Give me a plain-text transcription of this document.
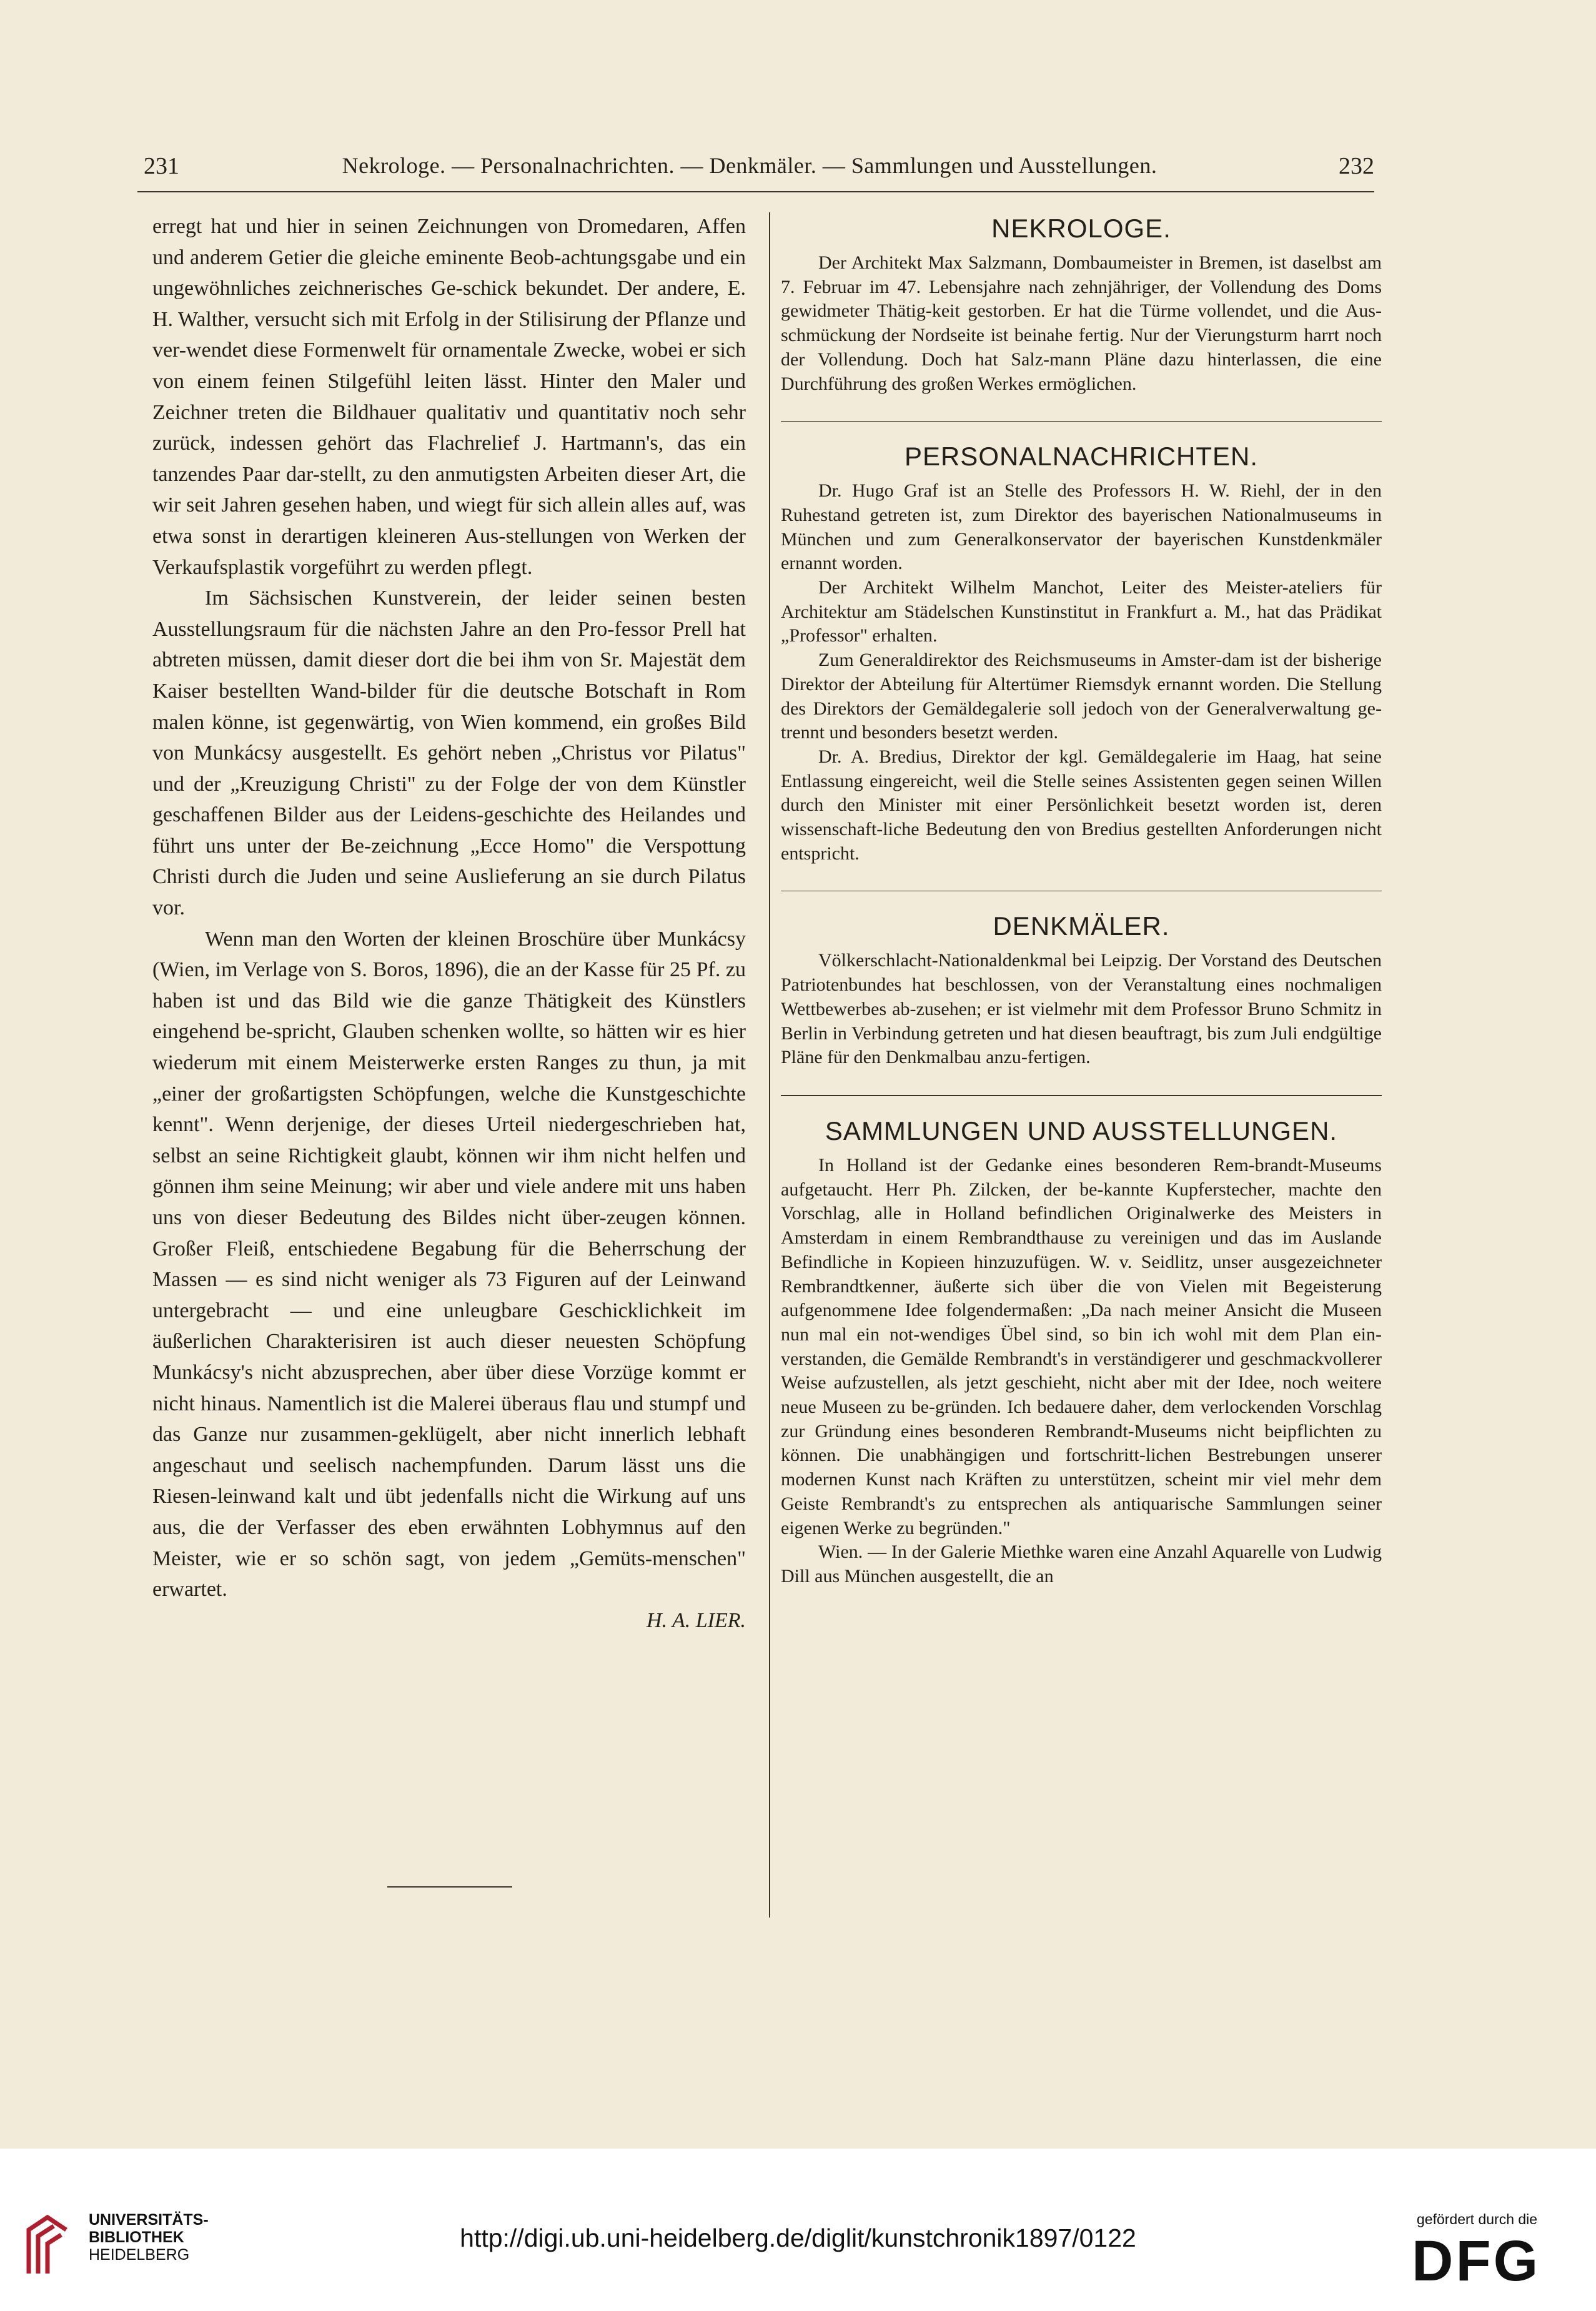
231	Nekrologe. — Personalnachrichten. — Denkmäler. — Sammlungen und Ausstellungen.	232

erregt hat und hier in seinen Zeichnungen von Dromedaren, Affen und anderem Getier die gleiche eminente Beob-achtungsgabe und ein ungewöhnliches zeichnerisches Ge-schick bekundet. Der andere, E. H. Walther, versucht sich mit Erfolg in der Stilisirung der Pflanze und ver-wendet diese Formenwelt für ornamentale Zwecke, wobei er sich von einem feinen Stilgefühl leiten lässt. Hinter den Maler und Zeichner treten die Bildhauer qualitativ und quantitativ noch sehr zurück, indessen gehört das Flachrelief J. Hartmann's, das ein tanzendes Paar dar-stellt, zu den anmutigsten Arbeiten dieser Art, die wir seit Jahren gesehen haben, und wiegt für sich allein alles auf, was etwa sonst in derartigen kleineren Aus-stellungen von Werken der Verkaufsplastik vorgeführt zu werden pflegt.

Im Sächsischen Kunstverein, der leider seinen besten Ausstellungsraum für die nächsten Jahre an den Pro-fessor Prell hat abtreten müssen, damit dieser dort die bei ihm von Sr. Majestät dem Kaiser bestellten Wand-bilder für die deutsche Botschaft in Rom malen könne, ist gegenwärtig, von Wien kommend, ein großes Bild von Munkácsy ausgestellt. Es gehört neben „Christus vor Pilatus" und der „Kreuzigung Christi" zu der Folge der von dem Künstler geschaffenen Bilder aus der Leidens-geschichte des Heilandes und führt uns unter der Be-zeichnung „Ecce Homo" die Verspottung Christi durch die Juden und seine Auslieferung an sie durch Pilatus vor.

Wenn man den Worten der kleinen Broschüre über Munkácsy (Wien, im Verlage von S. Boros, 1896), die an der Kasse für 25 Pf. zu haben ist und das Bild wie die ganze Thätigkeit des Künstlers eingehend be-spricht, Glauben schenken wollte, so hätten wir es hier wiederum mit einem Meisterwerke ersten Ranges zu thun, ja mit „einer der großartigsten Schöpfungen, welche die Kunstgeschichte kennt". Wenn derjenige, der dieses Urteil niedergeschrieben hat, selbst an seine Richtigkeit glaubt, können wir ihm nicht helfen und gönnen ihm seine Meinung; wir aber und viele andere mit uns haben uns von dieser Bedeutung des Bildes nicht über-zeugen können. Großer Fleiß, entschiedene Begabung für die Beherrschung der Massen — es sind nicht weniger als 73 Figuren auf der Leinwand untergebracht — und eine unleugbare Geschicklichkeit im äußerlichen Charakterisiren ist auch dieser neuesten Schöpfung Munkácsy's nicht abzusprechen, aber über diese Vorzüge kommt er nicht hinaus. Namentlich ist die Malerei überaus flau und stumpf und das Ganze nur zusammen-geklügelt, aber nicht innerlich lebhaft angeschaut und seelisch nachempfunden. Darum lässt uns die Riesen-leinwand kalt und übt jedenfalls nicht die Wirkung auf uns aus, die der Verfasser des eben erwähnten Lobhymnus auf den Meister, wie er so schön sagt, von jedem „Gemüts-menschen" erwartet.

H. A. LIER.
NEKROLOGE.

Der Architekt Max Salzmann, Dombaumeister in Bremen, ist daselbst am 7. Februar im 47. Lebensjahre nach zehnjähriger, der Vollendung des Doms gewidmeter Thätig-keit gestorben. Er hat die Türme vollendet, und die Aus-schmückung der Nordseite ist beinahe fertig. Nur der Vierungsturm harrt noch der Vollendung. Doch hat Salz-mann Pläne dazu hinterlassen, die eine Durchführung des großen Werkes ermöglichen.

PERSONALNACHRICHTEN.

Dr. Hugo Graf ist an Stelle des Professors H. W. Riehl, der in den Ruhestand getreten ist, zum Direktor des bayerischen Nationalmuseums in München und zum Generalkonservator der bayerischen Kunstdenkmäler ernannt worden.

Der Architekt Wilhelm Manchot, Leiter des Meister-ateliers für Architektur am Städelschen Kunstinstitut in Frankfurt a. M., hat das Prädikat „Professor" erhalten.

Zum Generaldirektor des Reichsmuseums in Amster-dam ist der bisherige Direktor der Abteilung für Altertümer Riemsdyk ernannt worden. Die Stellung des Direktors der Gemäldegalerie soll jedoch von der Generalverwaltung ge-trennt und besonders besetzt werden.

Dr. A. Bredius, Direktor der kgl. Gemäldegalerie im Haag, hat seine Entlassung eingereicht, weil die Stelle seines Assistenten gegen seinen Willen durch den Minister mit einer Persönlichkeit besetzt worden ist, deren wissenschaft-liche Bedeutung den von Bredius gestellten Anforderungen nicht entspricht.

DENKMÄLER.

Völkerschlacht-Nationaldenkmal bei Leipzig. Der Vorstand des Deutschen Patriotenbundes hat beschlossen, von der Veranstaltung eines nochmaligen Wettbewerbes ab-zusehen; er ist vielmehr mit dem Professor Bruno Schmitz in Berlin in Verbindung getreten und hat diesen beauftragt, bis zum Juli endgültige Pläne für den Denkmalbau anzu-fertigen.

SAMMLUNGEN UND AUSSTELLUNGEN.

In Holland ist der Gedanke eines besonderen Rem-brandt-Museums aufgetaucht. Herr Ph. Zilcken, der be-kannte Kupferstecher, machte den Vorschlag, alle in Holland befindlichen Originalwerke des Meisters in Amsterdam in einem Rembrandthause zu vereinigen und das im Auslande Befindliche in Kopieen hinzuzufügen. W. v. Seidlitz, unser ausgezeichneter Rembrandtkenner, äußerte sich über die von Vielen mit Begeisterung aufgenommene Idee folgendermaßen: „Da nach meiner Ansicht die Museen nun mal ein not-wendiges Übel sind, so bin ich wohl mit dem Plan ein-verstanden, die Gemälde Rembrandt's in verständigerer und geschmackvollerer Weise aufzustellen, als jetzt geschieht, nicht aber mit der Idee, noch weitere neue Museen zu be-gründen. Ich bedauere daher, dem verlockenden Vorschlag zur Gründung eines besonderen Rembrandt-Museums nicht beipflichten zu können. Die unabhängigen und fortschritt-lichen Bestrebungen unserer modernen Kunst nach Kräften zu unterstützen, scheint mir viel mehr dem Geiste Rembrandt's zu entsprechen als antiquarische Sammlungen seiner eigenen Werke zu begründen."

Wien. — In der Galerie Miethke waren eine Anzahl Aquarelle von Ludwig Dill aus München ausgestellt, die an

UNIVERSITÄTS-
BIBLIOTHEK
HEIDELBERG
http://digi.ub.uni-heidelberg.de/diglit/kunstchronik1897/0122
gefördert durch die
DFG
